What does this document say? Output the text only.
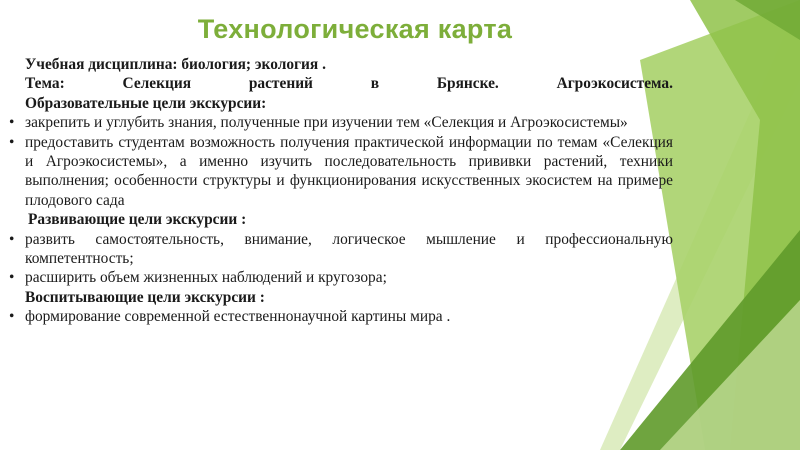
Технологическая карта

Учебная дисциплина: биология; экология .

Тема:	Селекция	растений	в	Брянске.	Агроэкосистема.

Образовательные цели экскурсии:

• закрепить и углубить знания, полученные при изучении тем «Селекция и Агроэкосистемы»
• предоставить студентам возможность получения практической информации по темам «Селекция и Агроэкосистемы», а именно изучить последовательность прививки растений, техники выполнения; особенности структуры и функционирования искусственных экосистем на примере плодового сада

Развивающие цели экскурсии :

• развить самостоятельность, внимание, логическое мышление и профессиональную компетентность;
• расширить объем жизненных наблюдений и кругозора;

Воспитывающие цели экскурсии :

• формирование современной естественнонаучной картины мира .
